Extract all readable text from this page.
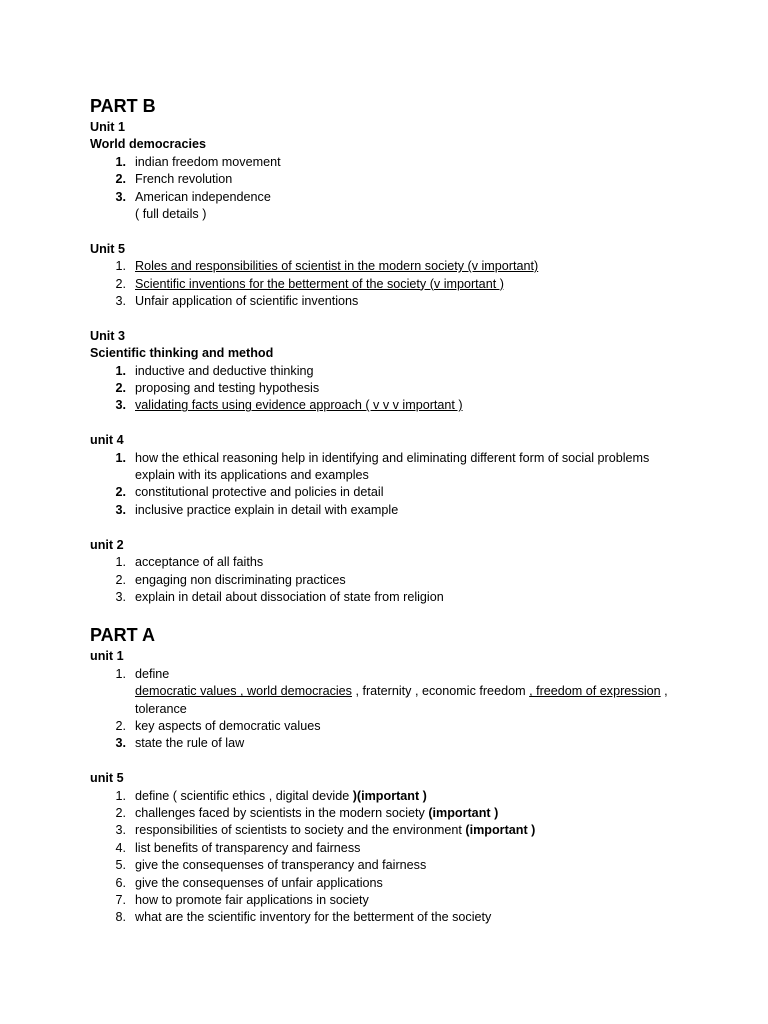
PART B
Unit 1
World democracies
1. indian freedom movement
2. French revolution
3. American independence
( full details )
Unit 5
1. Roles and responsibilities of scientist in the modern society (v important)
2. Scientific inventions for the betterment of the society (v important )
3. Unfair application of scientific inventions
Unit 3
Scientific thinking and method
1. inductive and deductive thinking
2. proposing and testing hypothesis
3. validating facts using evidence approach ( v v v important )
unit 4
1. how the ethical reasoning help in identifying and eliminating different form of social problems explain with its applications and examples
2. constitutional protective and policies in detail
3. inclusive practice explain in detail with example
unit 2
1. acceptance of all faiths
2. engaging non discriminating practices
3. explain in detail about dissociation of state from religion
PART A
unit 1
1. define
democratic values , world democracies , fraternity , economic freedom , freedom of expression , tolerance
2. key aspects of democratic values
3. state the rule of law
unit 5
1. define ( scientific ethics , digital devide )(important )
2. challenges faced by scientists in the modern society (important )
3. responsibilities of scientists to society and the environment (important )
4. list benefits of transparency and fairness
5. give the consequenses of transperancy and fairness
6. give the consequenses of unfair applications
7. how to promote fair applications in society
8. what are the scientific inventory for the betterment of the society
